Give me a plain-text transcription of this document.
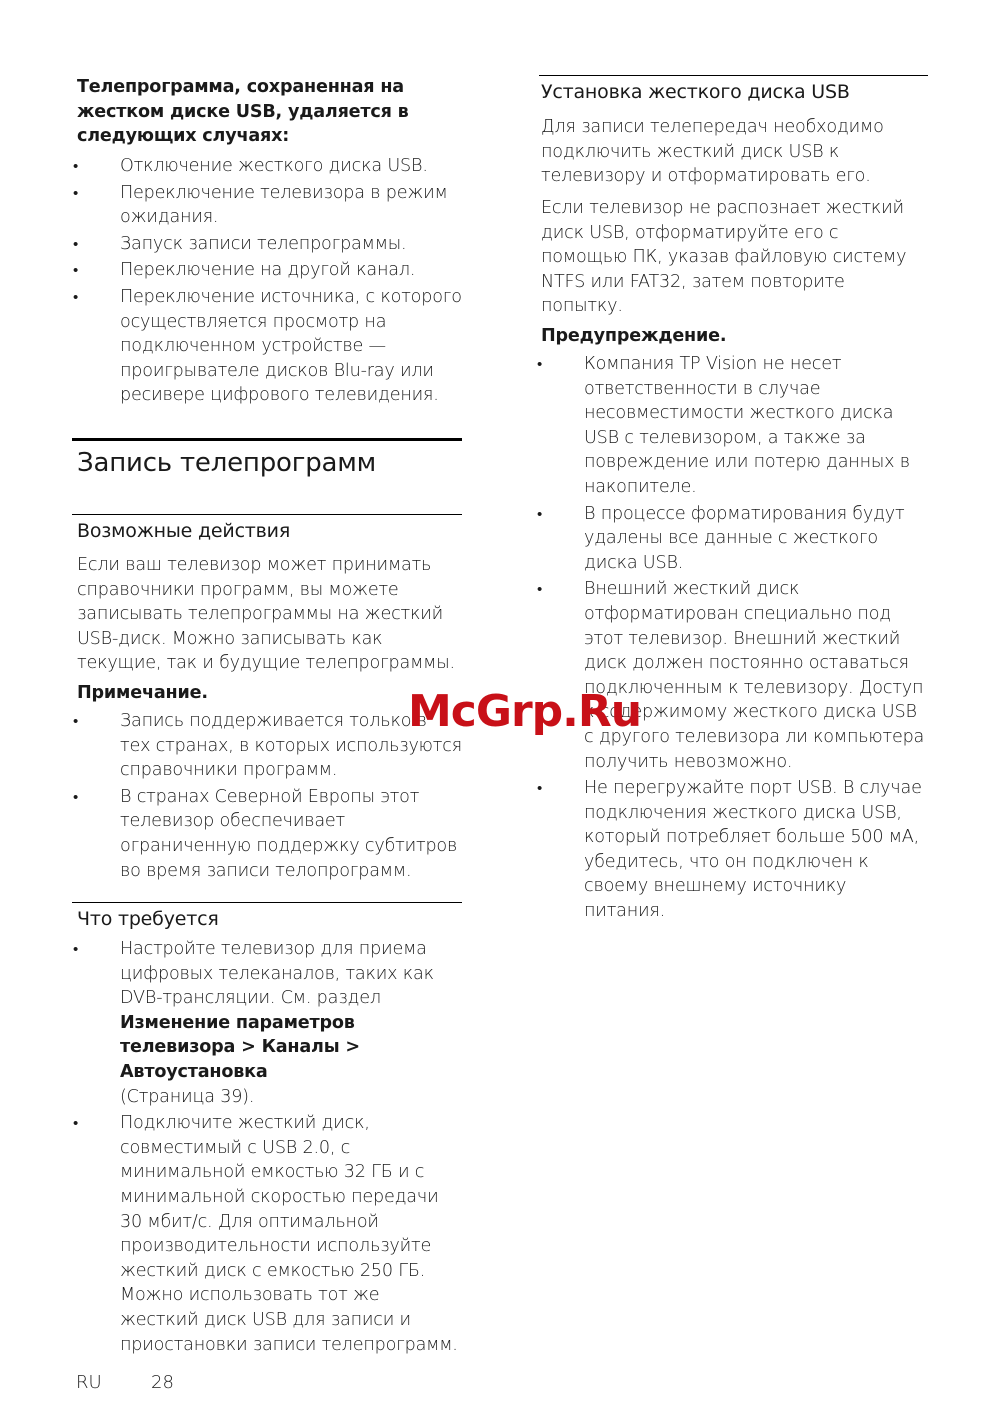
Телепрограмма, сохраненная на жестком диске USB, удаляется в следующих случаях:

• Отключение жесткого диска USB.
• Переключение телевизора в режим ожидания.
• Запуск записи телепрограммы.
• Переключение на другой канал.
• Переключение источника, с которого осуществляется просмотр на подключенном устройстве — проигрывателе дисков Blu-ray или ресивере цифрового телевидения.
Запись телепрограмм
Возможные действия

Если ваш телевизор может принимать справочники программ, вы можете записывать телепрограммы на жесткий USB-диск. Можно записывать как текущие, так и будущие телепрограммы.

Примечание.

• Запись поддерживается только в тех странах, в которых используются справочники программ.
• В странах Северной Европы этот телевизор обеспечивает ограниченную поддержку субтитров во время записи телопрограмм.
Что требуется
• Настройте телевизор для приема цифровых телеканалов, таких как DVB-трансляции. См. раздел
Изменение параметров телевизора > Каналы > Автоустановка
(Страница 39).
• Подключите жесткий диск, совместимый с USB 2.0, с минимальной емкостью 32 ГБ и с минимальной скоростью передачи 30 мбит/с. Для оптимальной производительности используйте жесткий диск с емкостью 250 ГБ. Можно использовать тот же жесткий диск USB для записи и приостановки записи телепрограмм.
Установка жесткого диска USB

Для записи телепередач необходимо подключить жесткий диск USB к телевизору и отформатировать его.

Если телевизор не распознает жесткий диск USB, отформатируйте его с помощью ПК, указав файловую систему NTFS или FAT32, затем повторите попытку.

Предупреждение.

• Компания TP Vision не несет ответственности в случае несовместимости жесткого диска USB с телевизором, а также за повреждение или потерю данных в накопителе.
• В процессе форматирования будут удалены все данные с жесткого диска USB.
• Внешний жесткий диск отформатирован специально под этот телевизор. Внешний жесткий диск должен постоянно оставаться подключенным к телевизору. Доступ к содержимому жесткого диска USB с другого телевизора ли компьютера получить невозможно.
• Не перегружайте порт USB. В случае подключения жесткого диска USB, который потребляет больше 500 мА, убедитесь, что он подключен к своему внешнему источнику питания.
McGrp.Ru
RU	28
